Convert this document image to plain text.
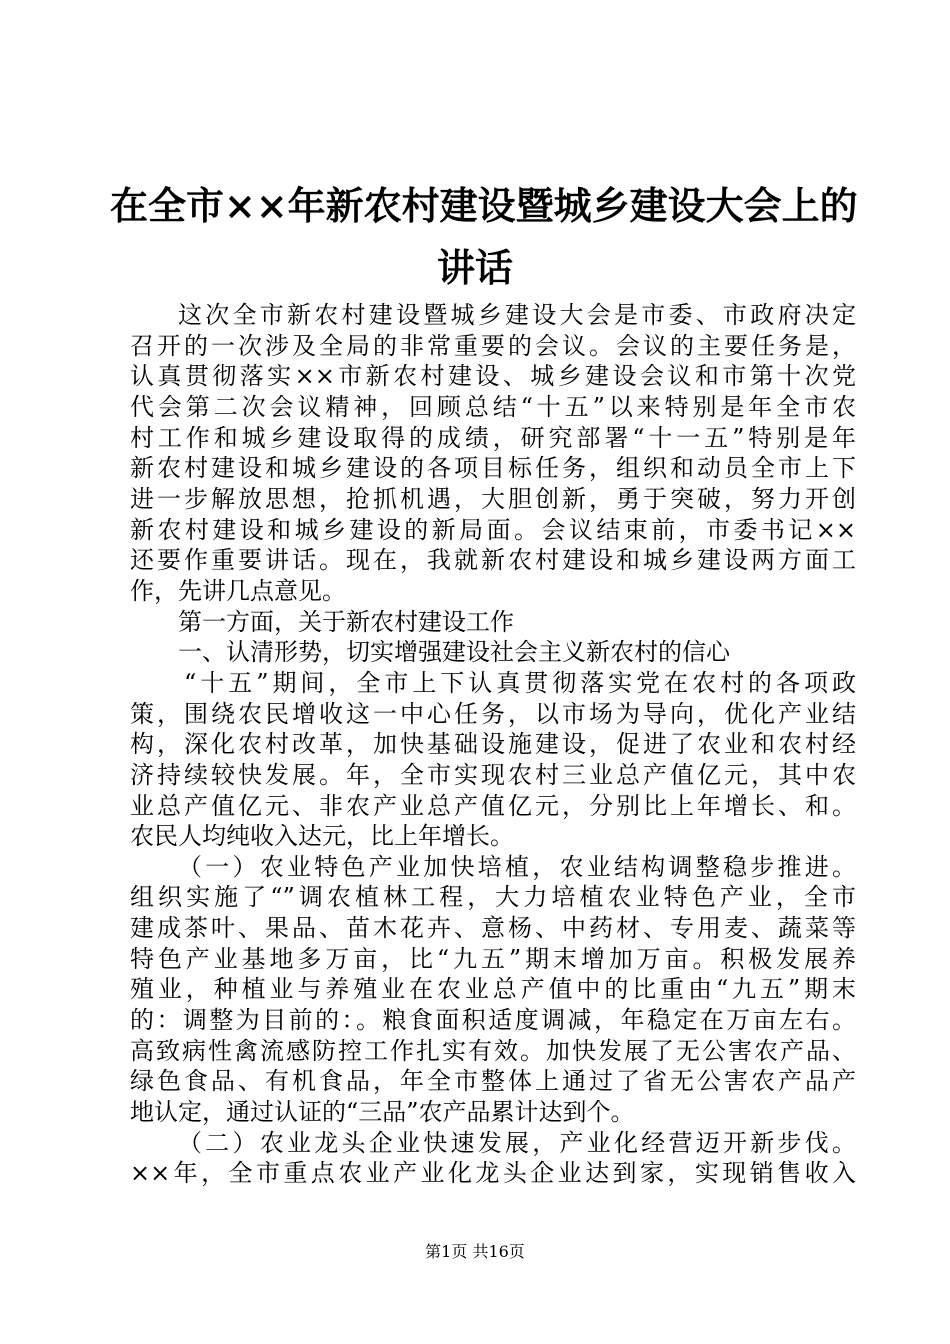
在全市××年新农村建设暨城乡建设大会上的
讲话
这次全市新农村建设暨城乡建设大会是市委、市政府决定
召开的一次涉及全局的非常重要的会议。会议的主要任务是，
认真贯彻落实××市新农村建设、城乡建设会议和市第十次党
代会第二次会议精神，回顾总结“十五”以来特别是年全市农
村工作和城乡建设取得的成绩，研究部署“十一五”特别是年
新农村建设和城乡建设的各项目标任务，组织和动员全市上下
进一步解放思想，抢抓机遇，大胆创新，勇于突破，努力开创
新农村建设和城乡建设的新局面。会议结束前，市委书记××
还要作重要讲话。现在，我就新农村建设和城乡建设两方面工
作，先讲几点意见。
第一方面，关于新农村建设工作
一、认清形势，切实增强建设社会主义新农村的信心
“十五”期间，全市上下认真贯彻落实党在农村的各项政
策，围绕农民增收这一中心任务，以市场为导向，优化产业结
构，深化农村改革，加快基础设施建设，促进了农业和农村经
济持续较快发展。年，全市实现农村三业总产值亿元，其中农
业总产值亿元、非农产业总产值亿元，分别比上年增长、和。
农民人均纯收入达元，比上年增长。
（一）农业特色产业加快培植，农业结构调整稳步推进。
组织实施了“”调农植林工程，大力培植农业特色产业，全市
建成茶叶、果品、苗木花卉、意杨、中药材、专用麦、蔬菜等
特色产业基地多万亩，比“九五”期末增加万亩。积极发展养
殖业，种植业与养殖业在农业总产值中的比重由“九五”期末
的：调整为目前的：。粮食面积适度调减，年稳定在万亩左右。
高致病性禽流感防控工作扎实有效。加快发展了无公害农产品、
绿色食品、有机食品，年全市整体上通过了省无公害农产品产
地认定，通过认证的“三品”农产品累计达到个。
（二）农业龙头企业快速发展，产业化经营迈开新步伐。
××年，全市重点农业产业化龙头企业达到家，实现销售收入
第1页 共16页
